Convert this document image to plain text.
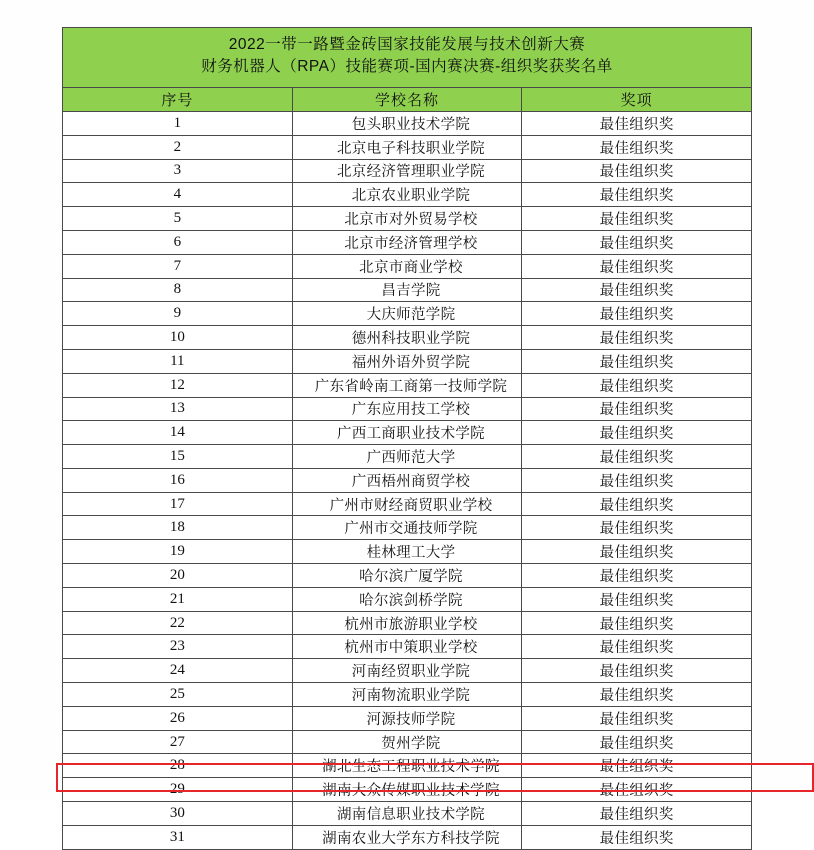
2022一带一路暨金砖国家技能发展与技术创新大赛
财务机器人（RPA）技能赛项-国内赛决赛-组织奖获奖名单		

序号	学校名称	奖项
1	包头职业技术学院	最佳组织奖
2	北京电子科技职业学院	最佳组织奖
3	北京经济管理职业学院	最佳组织奖
4	北京农业职业学院	最佳组织奖
5	北京市对外贸易学校	最佳组织奖
6	北京市经济管理学校	最佳组织奖
7	北京市商业学校	最佳组织奖
8	昌吉学院	最佳组织奖
9	大庆师范学院	最佳组织奖
10	德州科技职业学院	最佳组织奖
11	福州外语外贸学院	最佳组织奖
12	广东省岭南工商第一技师学院	最佳组织奖
13	广东应用技工学校	最佳组织奖
14	广西工商职业技术学院	最佳组织奖
15	广西师范大学	最佳组织奖
16	广西梧州商贸学校	最佳组织奖
17	广州市财经商贸职业学校	最佳组织奖
18	广州市交通技师学院	最佳组织奖
19	桂林理工大学	最佳组织奖
20	哈尔滨广厦学院	最佳组织奖
21	哈尔滨剑桥学院	最佳组织奖
22	杭州市旅游职业学校	最佳组织奖
23	杭州市中策职业学校	最佳组织奖
24	河南经贸职业学院	最佳组织奖
25	河南物流职业学院	最佳组织奖
26	河源技师学院	最佳组织奖
27	贺州学院	最佳组织奖
28	湖北生态工程职业技术学院	最佳组织奖
29	湖南大众传媒职业技术学院	最佳组织奖
30	湖南信息职业技术学院	最佳组织奖
31	湖南农业大学东方科技学院	最佳组织奖
